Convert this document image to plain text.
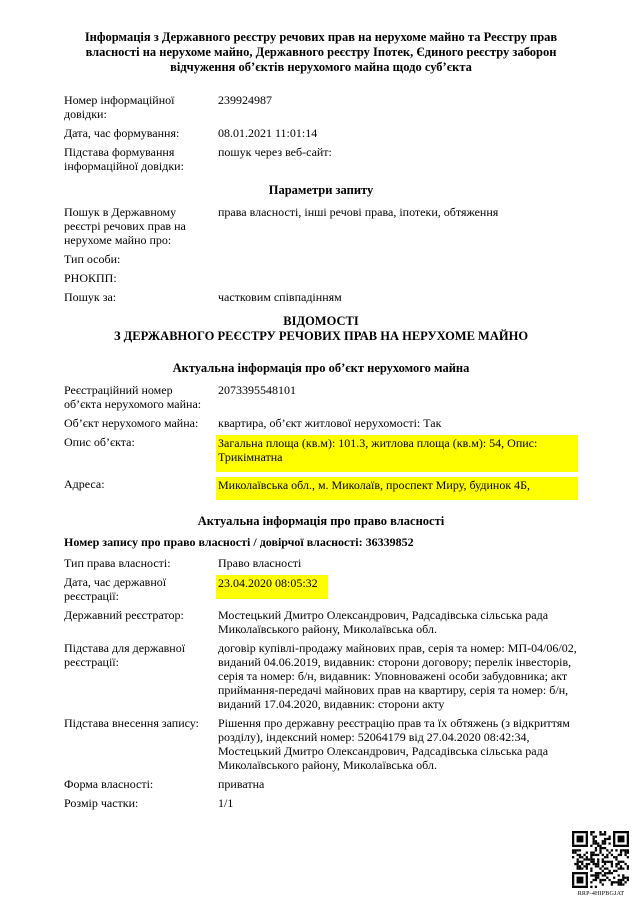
Інформація з Державного реєстру речових прав на нерухоме майно та Реєстру прав власності на нерухоме майно, Державного реєстру Іпотек, Єдиного реєстру заборон відчуження об’єктів нерухомого майна щодо суб’єкта
Номер інформаційної довідки:
239924987
Дата, час формування:	08.01.2021 11:01:14
Підстава формування інформаційної довідки:
пошук через веб-сайт:
Параметри запиту
Пошук в Державному реєстрі речових прав на нерухоме майно про:
права власності, інші речові права, іпотеки, обтяження
Тип особи:
РНОКПП:
Пошук за:	частковим співпадінням
ВІДОМОСТІ
З ДЕРЖАВНОГО РЕЄСТРУ РЕЧОВИХ ПРАВ НА НЕРУХОМЕ МАЙНО
Актуальна інформація про об’єкт нерухомого майна
Реєстраційний номер об’єкта нерухомого майна:
2073395548101
Об’єкт нерухомого майна:	квартира, об’єкт житлової нерухомості: Так
Опис об’єкта:	Загальна площа (кв.м): 101.3, житлова площа (кв.м): 54, Опис: Трикімнатна
Адреса:	Миколаївська обл., м. Миколаїв, проспект Миру, будинок 4Б,
Актуальна інформація про право власності
Номер запису про право власності / довірчої власності: 36339852
Тип права власності:	Право власності
Дата, час державної реєстрації:
23.04.2020 08:05:32
Державний реєстратор:	Мостецький Дмитро Олександрович, Радсадівська сільська рада Миколаївського району, Миколаївська обл.
Підстава для державної реєстрації:
договір купівлі-продажу майнових прав, серія та номер: МП-04/06/02, виданий 04.06.2019, видавник: сторони договору; перелік інвесторів, серія та номер: б/н, видавник: Уповноважені особи забудовника; акт приймання-передачі майнових прав на квартиру, серія та номер: б/н, виданий 17.04.2020, видавник: сторони акту
Підстава внесення запису:	Рішення про державну реєстрацію прав та їх обтяжень (з відкриттям розділу), індексний номер: 52064179 від 27.04.2020 08:42:34, Мостецький Дмитро Олександрович, Радсадівська сільська рада Миколаївського району, Миколаївська обл.
Форма власності:	приватна
Розмір частки:	1/1
RRP-4HIPBGJAT
